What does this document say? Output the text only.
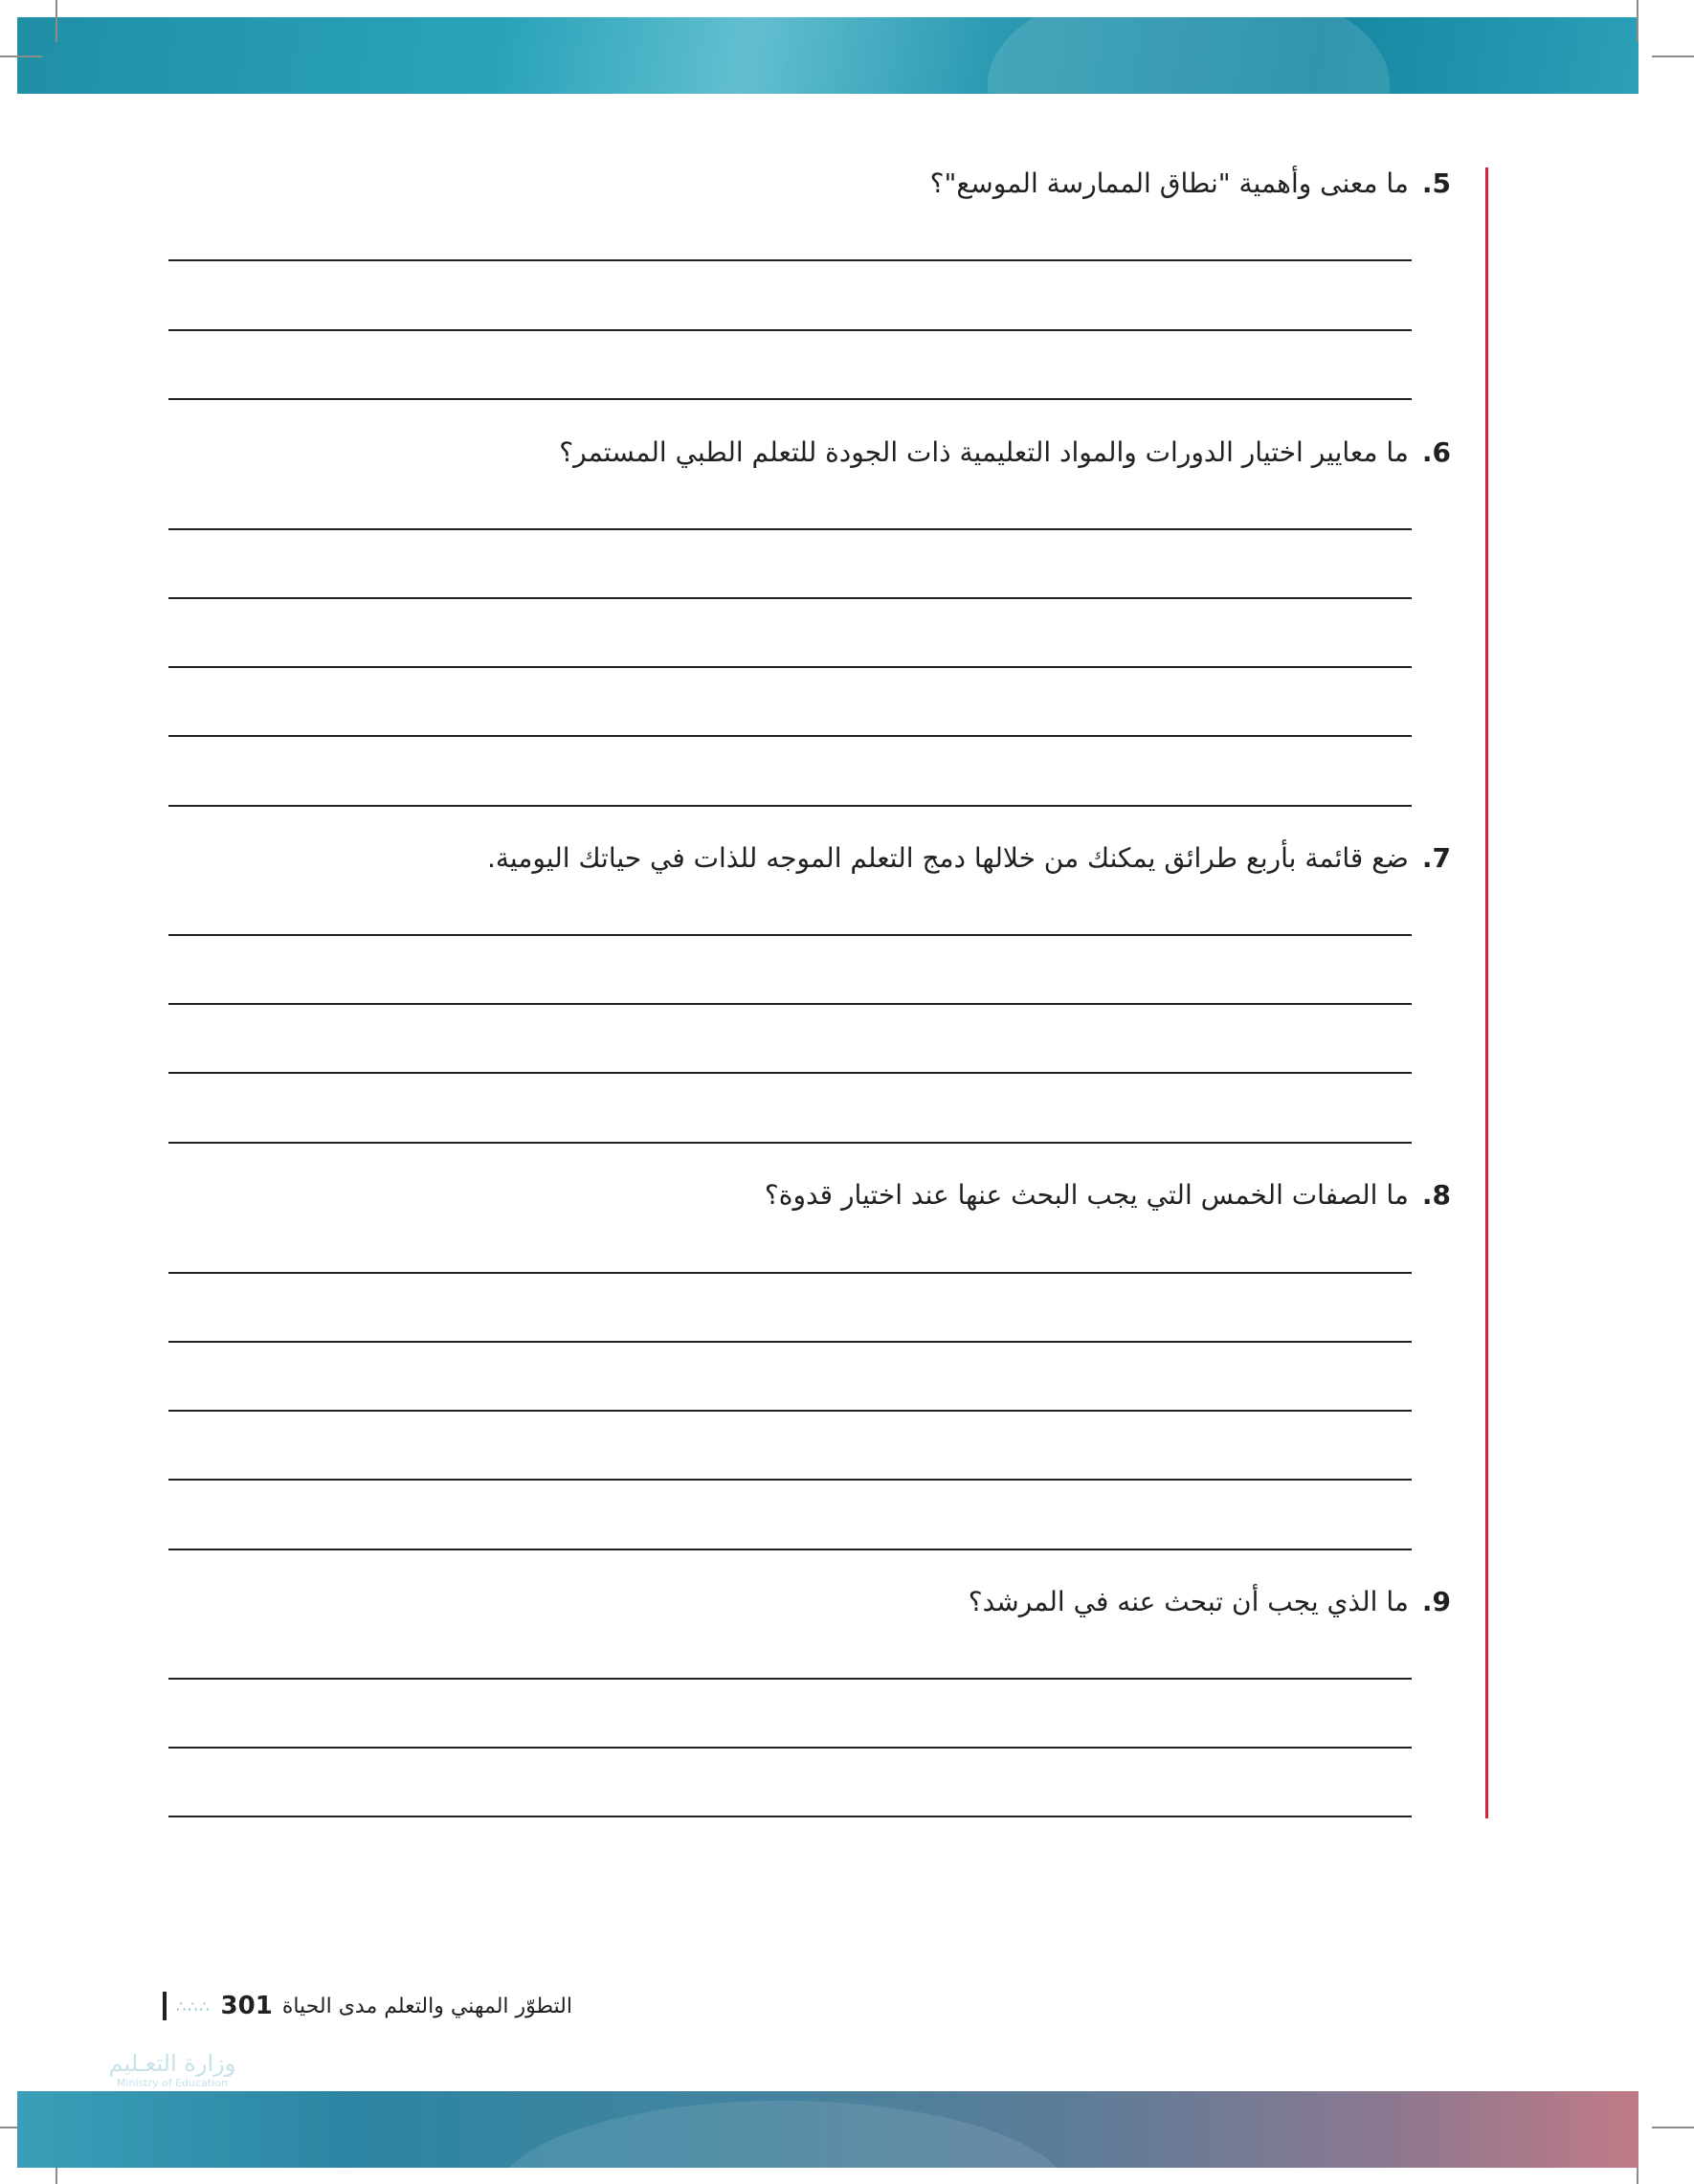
5.ما معنى وأهمية "نطاق الممارسة الموسع"؟
6.ما معايير اختيار الدورات والمواد التعليمية ذات الجودة للتعلم الطبي المستمر؟
7.ضع قائمة بأربع طرائق يمكنك من خلالها دمج التعلم الموجه للذات في حياتك اليومية.
8.ما الصفات الخمس التي يجب البحث عنها عند اختيار قدوة؟
9.ما الذي يجب أن تبحث عنه في المرشد؟
التطوّر المهني والتعلم مدى الحياة
301
∴∴∴
وزارة التعـليم
Ministry of Education
